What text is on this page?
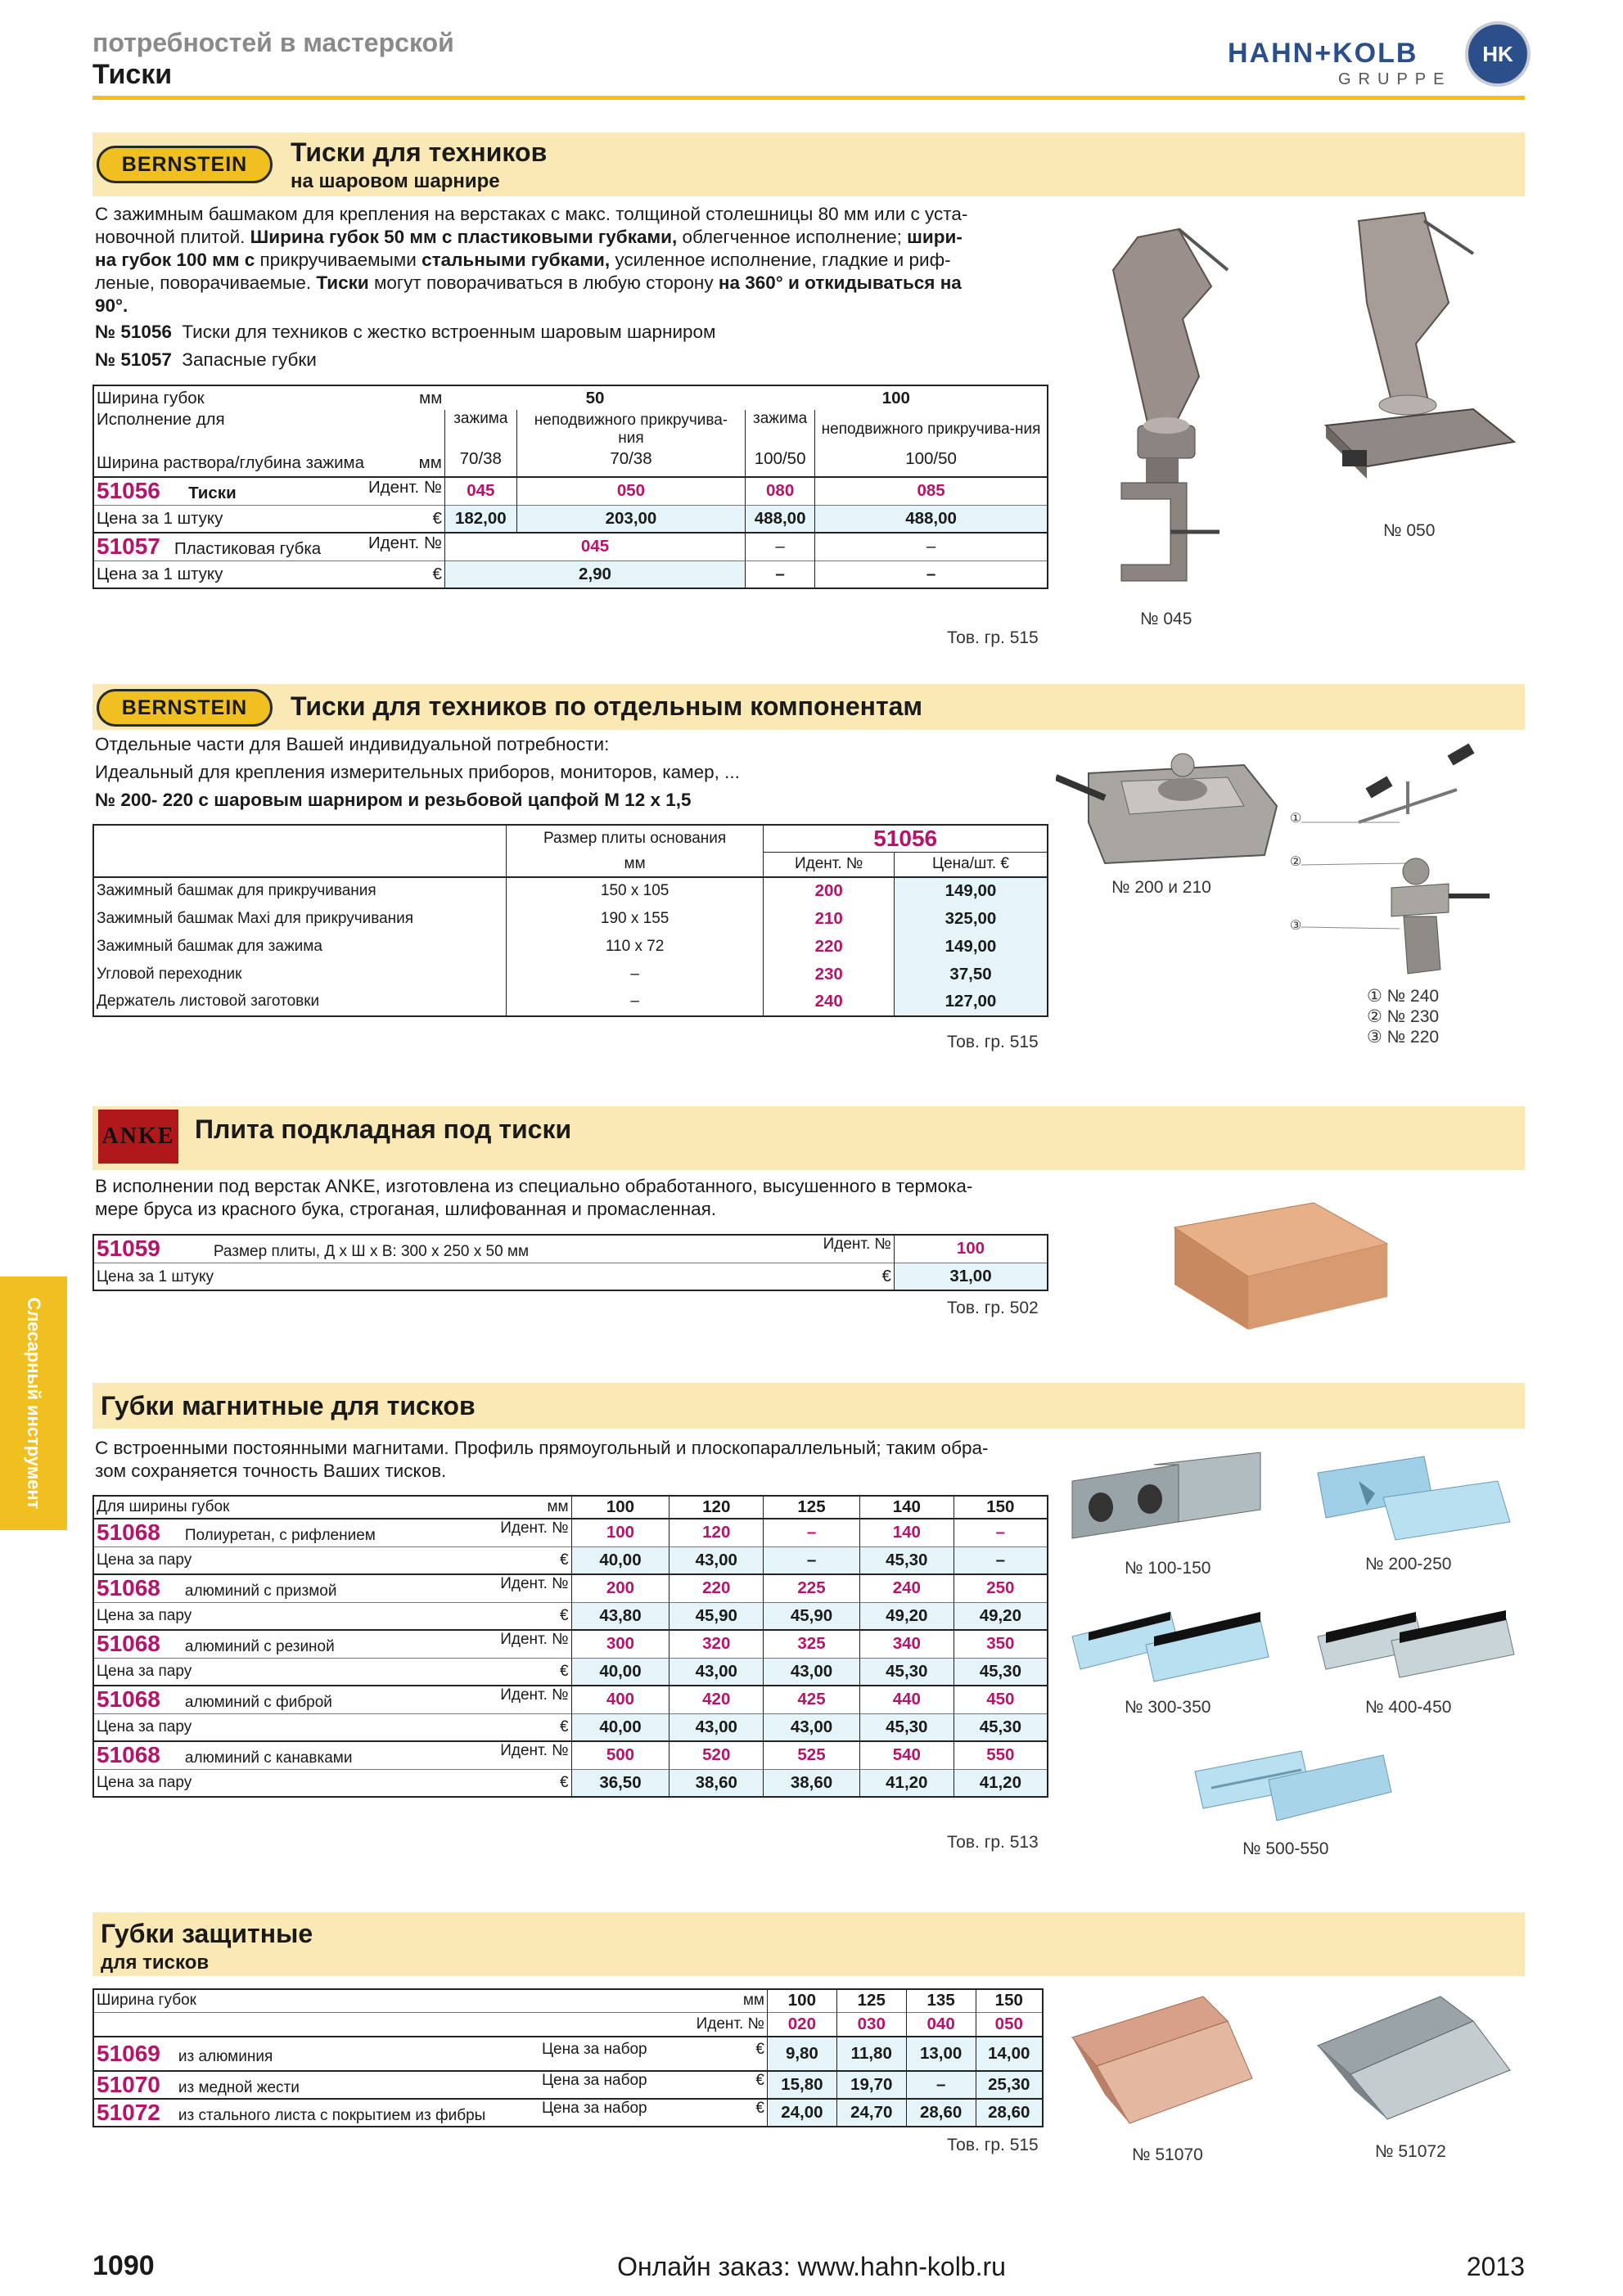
потребностей в мастерской
Тиски
HAHN+KOLB
GRUPPE
HK
Слесарный инструмент
BERNSTEIN Тиски для техников
на шаровом шарнире
С зажимным башмаком для крепления на верстаках с макс. толщиной столешницы 80 мм или с уста-
новочной плитой. Ширина губок 50 мм с пластиковыми губками, облегченное исполнение; шири-
на губок 100 мм с прикручиваемыми стальными губками, усиленное исполнение, гладкие и риф-
леные, поворачиваемые. Тиски могут поворачиваться в любую сторону на 360° и откидываться на
90°.
№ 51056 Тиски для техников с жестко встроенным шаровым шарниром
№ 51057 Запасные губки
Ширина губок мм	50		100	
Исполнение для	зажима	неподвижного прикручива-ния	зажима	неподвижного прикручива-ния

мм
Ширина раствора/глубина зажима	70/38	70/38	100/50	100/50
51056 Тиски Идент. №	045	050	080	085
Цена за 1 штуку €	182,00	203,00	488,00	488,00
51057 Пластиковая губка Идент. №	045		–	–
Цена за 1 штуку €	2,90		–	–
Тов. гр. 515
№ 045
№ 050
BERNSTEIN Тиски для техников по отдельным компонентам
Отдельные части для Вашей индивидуальной потребности:
Идеальный для крепления измерительных приборов, мониторов, камер, ...
№ 200- 220 с шаровым шарниром и резьбовой цапфой М 12 x 1,5
	Размер плиты основания	51056	
	мм	Идент. №	Цена/шт. €
Зажимный башмак для прикручивания	150 x 105	200	149,00
Зажимный башмак Maxi для прикручивания	190 x 155	210	325,00
Зажимный башмак для зажима	110 x 72	220	149,00
Угловой переходник	–	230	37,50
Держатель листовой заготовки	–	240	127,00
Тов. гр. 515
№ 200 и 210
①
②
③
① № 240
② № 230
③ № 220
ANKE Плита подкладная под тиски
В исполнении под верстак ANKE, изготовлена из специально обработанного, высушенного в термока-
мере бруса из красного бука, строганая, шлифованная и промасленная.
51059 Размер плиты, Д x Ш x В: 300 x 250 x 50 мм Идент. №	100
Цена за 1 штуку €	31,00
Тов. гр. 502
Губки магнитные для тисков
С встроенными постоянными магнитами. Профиль прямоугольный и плоскопараллельный; таким обра-
зом сохраняется точность Ваших тисков.
Для ширины губок мм	100	120	125	140	150
51068 Полиуретан, с рифлением Идент. №	100	120	–	140	–
Цена за пару €	40,00	43,00	–	45,30	–
51068 алюминий с призмой Идент. №	200	220	225	240	250
Цена за пару €	43,80	45,90	45,90	49,20	49,20
51068 алюминий с резиной Идент. №	300	320	325	340	350
Цена за пару €	40,00	43,00	43,00	45,30	45,30
51068 алюминий с фиброй Идент. №	400	420	425	440	450
Цена за пару €	40,00	43,00	43,00	45,30	45,30
51068 алюминий с канавками Идент. №	500	520	525	540	550
Цена за пару €	36,50	38,60	38,60	41,20	41,20
Тов. гр. 513
№ 100-150	№ 200-250
№ 300-350	№ 400-450
№ 500-550
Губки защитные
для тисков
Ширина губок мм	100	125	135	150
Идент. №	020	030	040	050
51069 из алюминия Цена за набор €	9,80	11,80	13,00	14,00
51070 из медной жести Цена за набор €	15,80	19,70	–	25,30
51072 из стального листа с покрытием из фибры Цена за набор €	24,00	24,70	28,60	28,60
Тов. гр. 515
№ 51070	№ 51072
1090	Онлайн заказ: www.hahn-kolb.ru	2013
